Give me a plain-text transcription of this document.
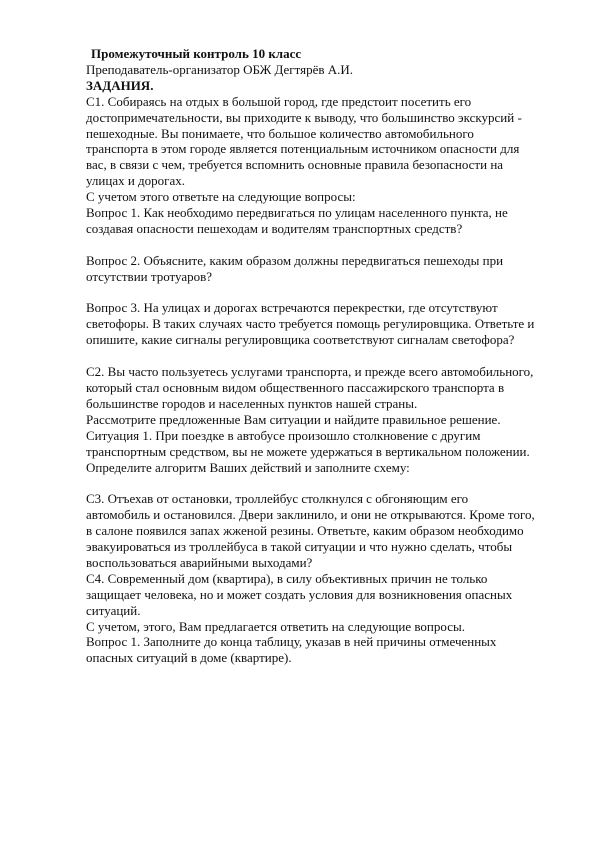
Промежуточный контроль 10 класс

Преподаватель-организатор ОБЖ Дегтярёв А.И.

ЗАДАНИЯ.

С1. Собираясь на отдых в большой город, где предстоит посетить его достопримечательности, вы приходите к выводу, что большинство экскурсий - пешеходные. Вы понимаете, что большое количество автомобильного транспорта в этом городе является потенциальным источником опасности для вас, в связи с чем, требуется вспомнить основные правила безопасности на улицах и дорогах.

С учетом этого ответьте на следующие вопросы:

Вопрос 1. Как необходимо передвигаться по улицам населенного пункта, не создавая опасности пешеходам и водителям транспортных средств?

Вопрос 2. Объясните, каким образом должны передвигаться пешеходы при отсутствии тротуаров?

Вопрос 3. На улицах и дорогах встречаются перекрестки, где отсутствуют светофоры. В таких случаях часто требуется помощь регулировщика. Ответьте и опишите, какие сигналы регулировщика соответствуют сигналам светофора?

С2. Вы часто пользуетесь услугами транспорта, и прежде всего автомобильного, который стал основным видом общественного пассажирского транспорта в большинстве городов и населенных пунктов нашей страны.

Рассмотрите предложенные Вам ситуации и найдите правильное решение.

Ситуация 1. При поездке в автобусе произошло столкновение с другим транспортным средством, вы не можете удержаться в вертикальном положении.

Определите алгоритм Ваших действий и заполните схему:

С3. Отъехав от остановки, троллейбус столкнулся с обгоняющим его автомобиль и остановился. Двери заклинило, и они не открываются. Кроме того, в салоне появился запах жженой резины. Ответьте, каким образом необходимо эвакуироваться из троллейбуса в такой ситуации и что нужно сделать, чтобы воспользоваться аварийными выходами?

С4. Современный дом (квартира), в силу объективных причин не только защищает человека, но и может создать условия для возникновения опасных ситуаций.

С учетом, этого, Вам предлагается ответить на следующие вопросы.

Вопрос 1. Заполните до конца таблицу, указав в ней причины отмеченных опасных ситуаций в доме (квартире).
